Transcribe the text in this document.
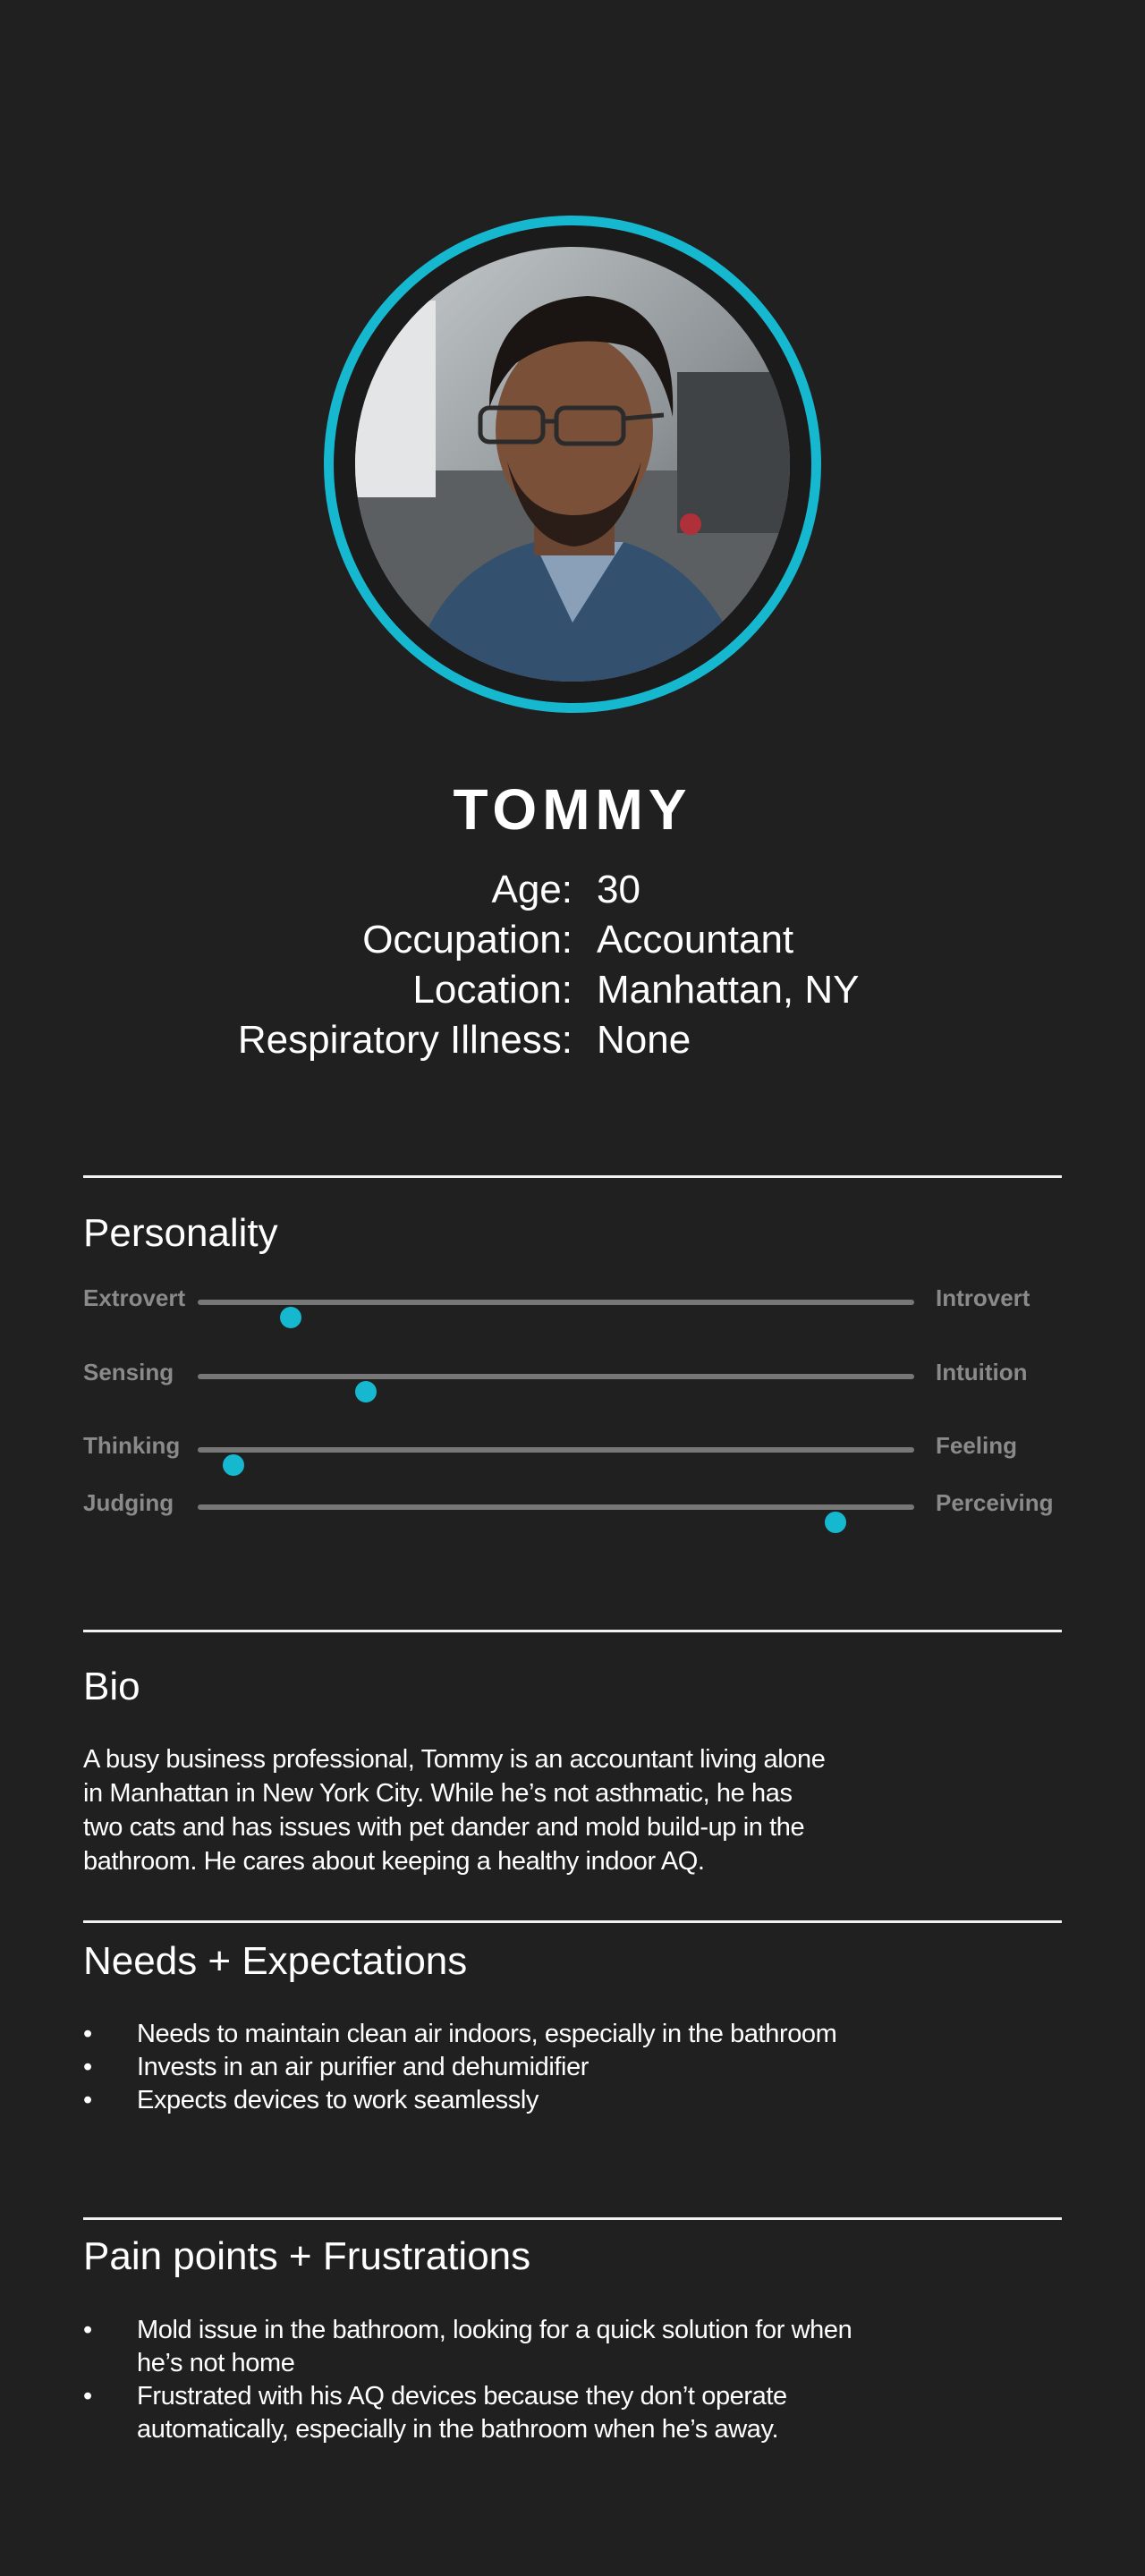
TOMMY
Age: 30
Occupation: Accountant
Location: Manhattan, NY
Respiratory Illness: None
Personality
Extrovert	Introvert
Sensing	Intuition
Thinking	Feeling
Judging	Perceiving
Bio
A busy business professional, Tommy is an accountant living alone
in Manhattan in New York City. While he’s not asthmatic, he has
two cats and has issues with pet dander and mold build-up in the
bathroom. He cares about keeping a healthy indoor AQ.
Needs + Expectations
• Needs to maintain clean air indoors, especially in the bathroom
• Invests in an air purifier and dehumidifier
• Expects devices to work seamlessly
Pain points + Frustrations
• Mold issue in the bathroom, looking for a quick solution for when
he’s not home
• Frustrated with his AQ devices because they don’t operate
automatically, especially in the bathroom when he’s away.
